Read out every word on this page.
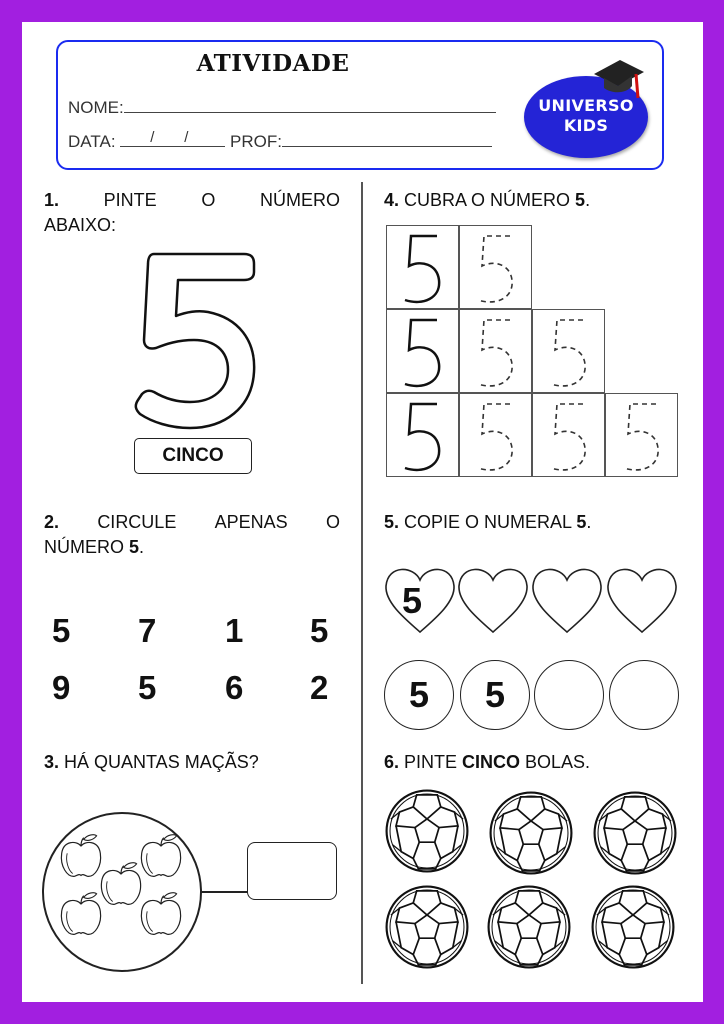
ATIVIDADE
NOME:
DATA: / / PROF:
UNIVERSO
KIDS
1. PINTE O NÚMERO
ABAIXO:
CINCO
2. CIRCULE APENAS O
NÚMERO 5.
5 7 1 5
9 5 6 2
3. HÁ QUANTAS MAÇÃS?
4. CUBRA O NÚMERO 5.
5. COPIE O NUMERAL 5.
5
5	5
6. PINTE CINCO BOLAS.
